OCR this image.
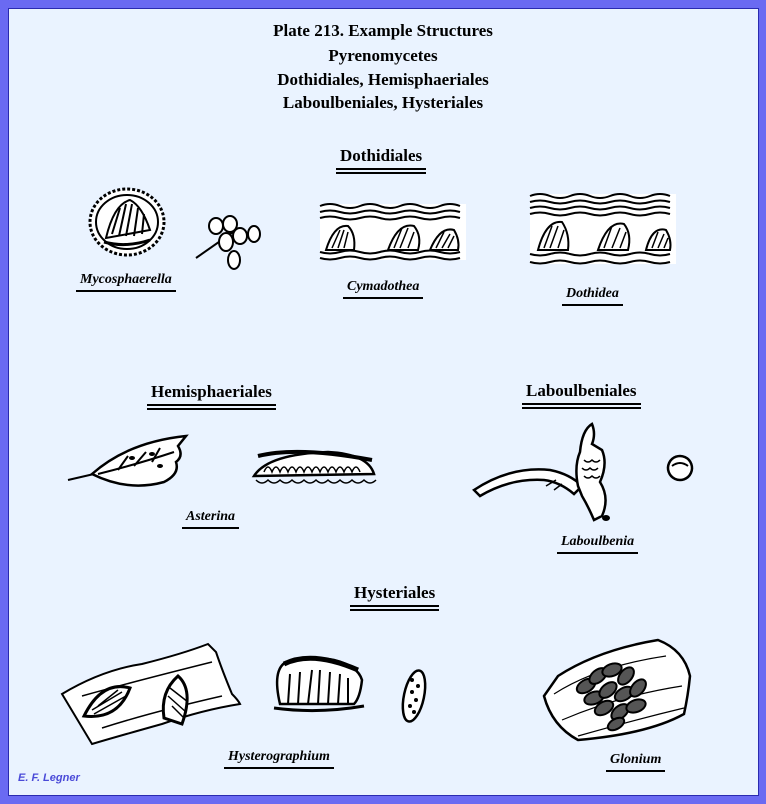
Plate 213. Example Structures
Pyrenomycetes
Dothidiales, Hemisphaeriales
Laboulbeniales, Hysteriales
Dothidiales
Hemisphaeriales	Laboulbeniales
Hysteriales
Mycosphaerella	Cymadothea	Dothidea
Asterina
Laboulbenia
Hysterographium	Glonium
E. F. Legner
